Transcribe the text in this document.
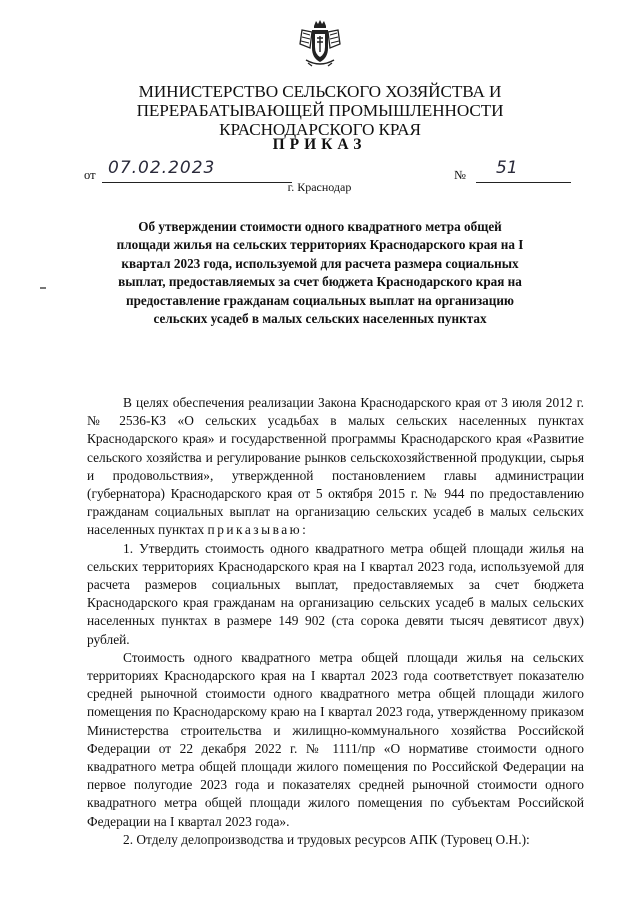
МИНИСТЕРСТВО СЕЛЬСКОГО ХОЗЯЙСТВА И ПЕРЕРАБАТЫВАЮЩЕЙ ПРОМЫШЛЕННОСТИ КРАСНОДАРСКОГО КРАЯ
ПРИКАЗ
от 07.02.2023	№ 51
г. Краснодар
Об утверждении стоимости одного квадратного метра общей площади жилья на сельских территориях Краснодарского края на I квартал 2023 года, используемой для расчета размера социальных выплат, предоставляемых за счет бюджета Краснодарского края на предоставление гражданам социальных выплат на организацию сельских усадеб в малых сельских населенных пунктах

В целях обеспечения реализации Закона Краснодарского края от 3 июля 2012 г. № 2536-КЗ «О сельских усадьбах в малых сельских населенных пунктах Краснодарского края» и государственной программы Краснодарского края «Развитие сельского хозяйства и регулирование рынков сельскохозяйственной продукции, сырья и продовольствия», утвержденной постановлением главы администрации (губернатора) Краснодарского края от 5 октября 2015 г. № 944 по предоставлению гражданам социальных выплат на организацию сельских усадеб в малых сельских населенных пунктах приказываю:

1. Утвердить стоимость одного квадратного метра общей площади жилья на сельских территориях Краснодарского края на I квартал 2023 года, используемой для расчета размеров социальных выплат, предоставляемых за счет бюджета Краснодарского края гражданам на организацию сельских усадеб в малых сельских населенных пунктах в размере 149 902 (ста сорока девяти тысяч девятисот двух) рублей.

Стоимость одного квадратного метра общей площади жилья на сельских территориях Краснодарского края на I квартал 2023 года соответствует показателю средней рыночной стоимости одного квадратного метра общей площади жилого помещения по Краснодарскому краю на I квартал 2023 года, утвержденному приказом Министерства строительства и жилищно-коммунального хозяйства Российской Федерации от 22 декабря 2022 г. № 1111/пр «О нормативе стоимости одного квадратного метра общей площади жилого помещения по Российской Федерации на первое полугодие 2023 года и показателях средней рыночной стоимости одного квадратного метра общей площади жилого помещения по субъектам Российской Федерации на I квартал 2023 года».

2. Отделу делопроизводства и трудовых ресурсов АПК (Туровец О.Н.):
